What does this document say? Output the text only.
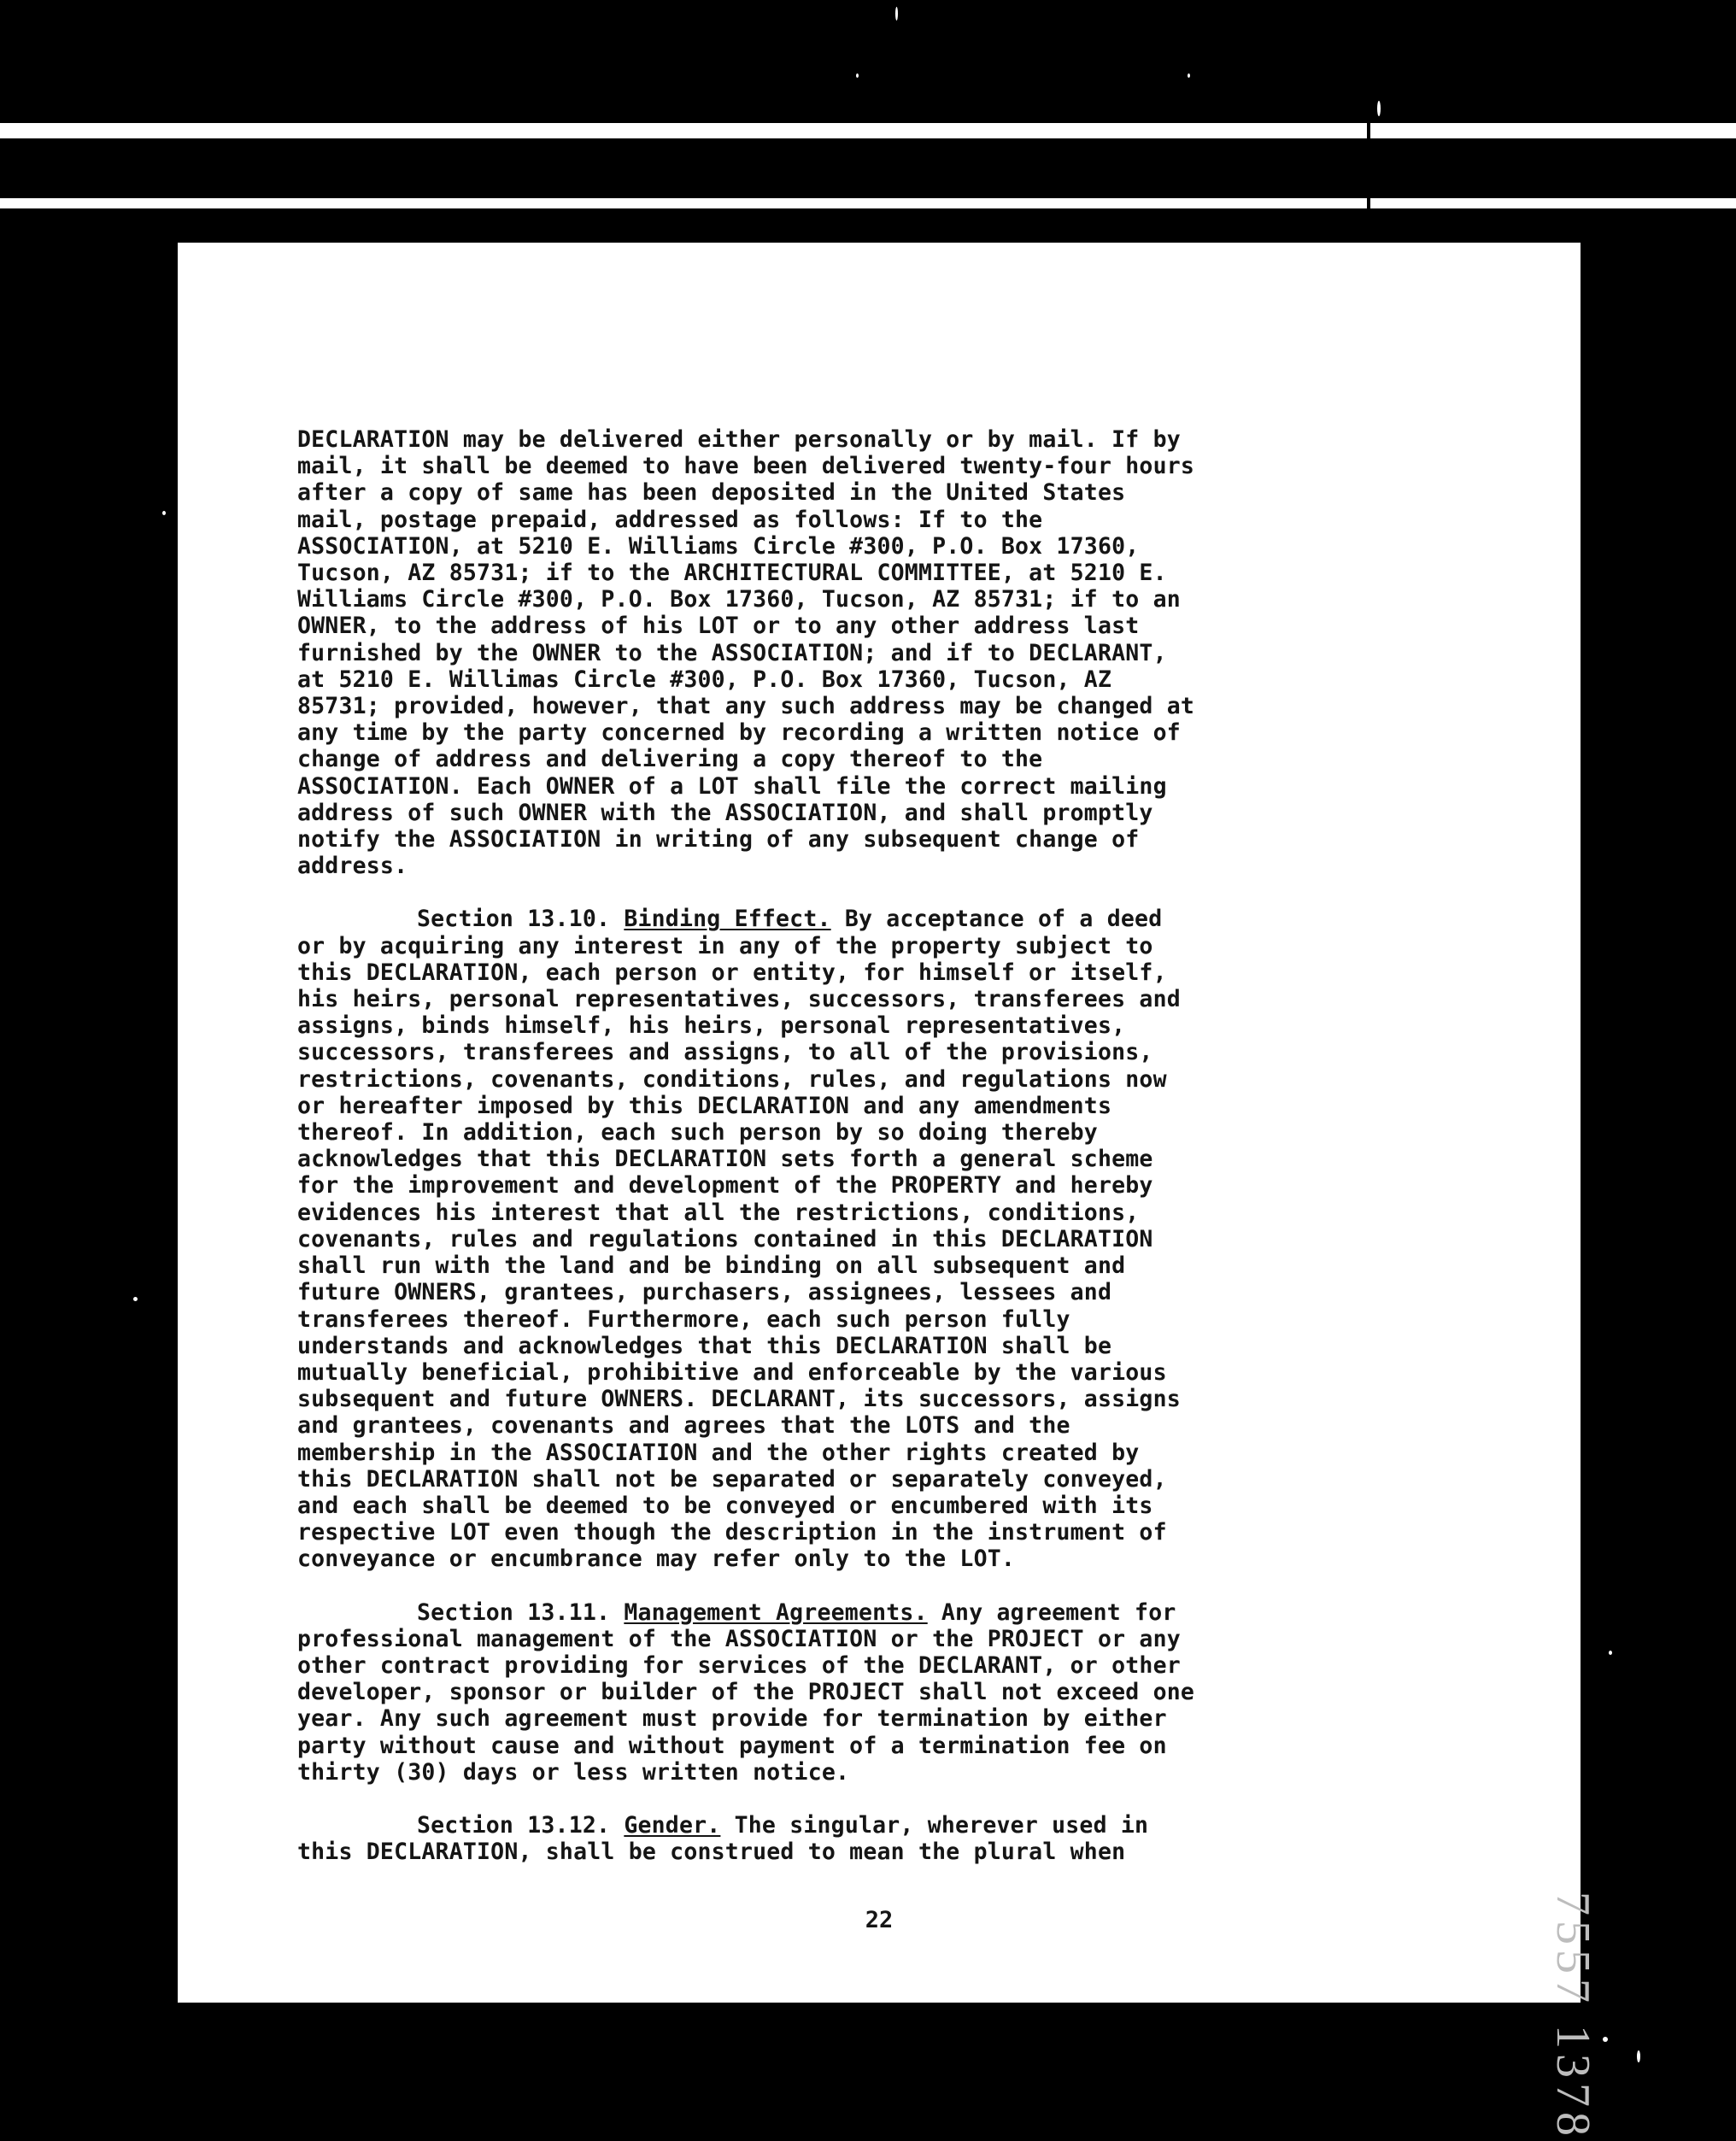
DECLARATION may be delivered either personally or by mail. If by
mail, it shall be deemed to have been delivered twenty-four hours
after a copy of same has been deposited in the United States
mail, postage prepaid, addressed as follows: If to the
ASSOCIATION, at 5210 E. Williams Circle #300, P.O. Box 17360,
Tucson, AZ 85731; if to the ARCHITECTURAL COMMITTEE, at 5210 E.
Williams Circle #300, P.O. Box 17360, Tucson, AZ 85731; if to an
OWNER, to the address of his LOT or to any other address last
furnished by the OWNER to the ASSOCIATION; and if to DECLARANT,
at 5210 E. Willimas Circle #300, P.O. Box 17360, Tucson, AZ
85731; provided, however, that any such address may be changed at
any time by the party concerned by recording a written notice of
change of address and delivering a copy thereof to the
ASSOCIATION. Each OWNER of a LOT shall file the correct mailing
address of such OWNER with the ASSOCIATION, and shall promptly
notify the ASSOCIATION in writing of any subsequent change of
address.

Section 13.10. Binding Effect. By acceptance of a deed
or by acquiring any interest in any of the property subject to
this DECLARATION, each person or entity, for himself or itself,
his heirs, personal representatives, successors, transferees and
assigns, binds himself, his heirs, personal representatives,
successors, transferees and assigns, to all of the provisions,
restrictions, covenants, conditions, rules, and regulations now
or hereafter imposed by this DECLARATION and any amendments
thereof. In addition, each such person by so doing thereby
acknowledges that this DECLARATION sets forth a general scheme
for the improvement and development of the PROPERTY and hereby
evidences his interest that all the restrictions, conditions,
covenants, rules and regulations contained in this DECLARATION
shall run with the land and be binding on all subsequent and
future OWNERS, grantees, purchasers, assignees, lessees and
transferees thereof. Furthermore, each such person fully
understands and acknowledges that this DECLARATION shall be
mutually beneficial, prohibitive and enforceable by the various
subsequent and future OWNERS. DECLARANT, its successors, assigns
and grantees, covenants and agrees that the LOTS and the
membership in the ASSOCIATION and the other rights created by
this DECLARATION shall not be separated or separately conveyed,
and each shall be deemed to be conveyed or encumbered with its
respective LOT even though the description in the instrument of
conveyance or encumbrance may refer only to the LOT.

Section 13.11. Management Agreements. Any agreement for
professional management of the ASSOCIATION or the PROJECT or any
other contract providing for services of the DECLARANT, or other
developer, sponsor or builder of the PROJECT shall not exceed one
year. Any such agreement must provide for termination by either
party without cause and without payment of a termination fee on
thirty (30) days or less written notice.

Section 13.12. Gender. The singular, wherever used in
this DECLARATION, shall be construed to mean the plural when

22	7557 1378
